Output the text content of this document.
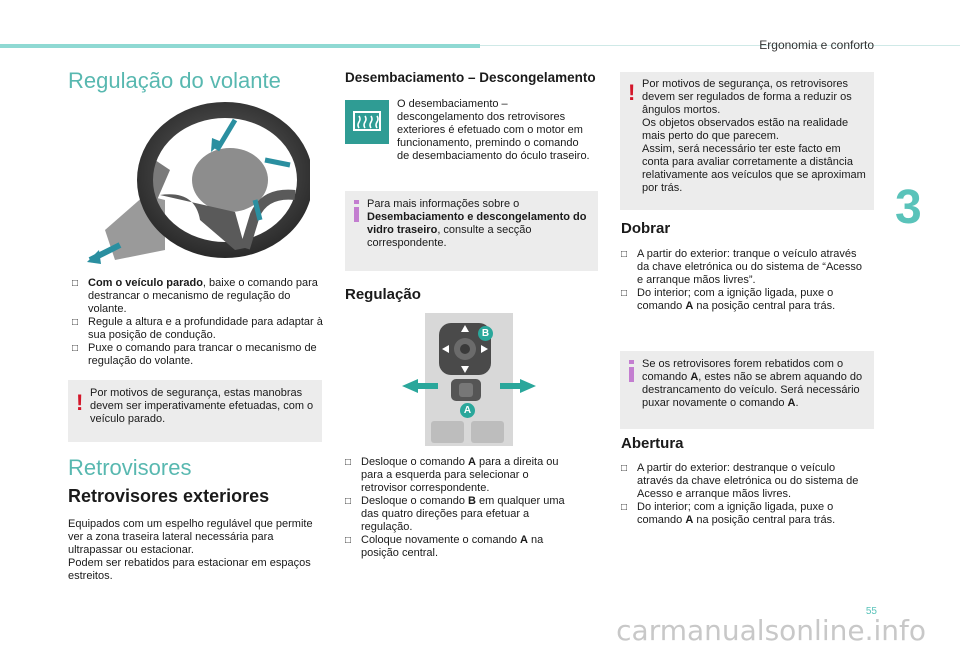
Ergonomia e conforto
3
Regulação do volante
□ Com o veículo parado, baixe o comando para destrancar o mecanismo de regulação do volante.
□ Regule a altura e a profundidade para adaptar à sua posição de condução.
□ Puxe o comando para trancar o mecanismo de regulação do volante.
! Por motivos de segurança, estas manobras devem ser imperativamente efetuadas, com o veículo parado.
Retrovisores
Retrovisores exteriores
Equipados com um espelho regulável que permite ver a zona traseira lateral necessária para ultrapassar ou estacionar.
Podem ser rebatidos para estacionar em espaços estreitos.
Desembaciamento – Descongelamento
O desembaciamento – descongelamento dos retrovisores exteriores é efetuado com o motor em funcionamento, premindo o comando de desembaciamento do óculo traseiro.
Para mais informações sobre o Desembaciamento e descongelamento do vidro traseiro, consulte a secção correspondente.
Regulação
B
A
□ Desloque o comando A para a direita ou para a esquerda para selecionar o retrovisor correspondente.
□ Desloque o comando B em qualquer uma das quatro direções para efetuar a regulação.
□ Coloque novamente o comando A na posição central.
! Por motivos de segurança, os retrovisores devem ser regulados de forma a reduzir os ângulos mortos.
Os objetos observados estão na realidade mais perto do que parecem.
Assim, será necessário ter este facto em conta para avaliar corretamente a distância relativamente aos veículos que se aproximam por trás.
Dobrar
□ A partir do exterior: tranque o veículo através da chave eletrónica ou do sistema de “Acesso e arranque mãos livres”.
□ Do interior; com a ignição ligada, puxe o comando A na posição central para trás.
Se os retrovisores forem rebatidos com o comando A, estes não se abrem aquando do destrancamento do veículo. Será necessário puxar novamente o comando A.
Abertura
□ A partir do exterior: destranque o veículo através da chave eletrónica ou do sistema de Acesso e arranque mãos livres.
□ Do interior; com a ignição ligada, puxe o comando A na posição central para trás.
55
carmanualsonline.info
